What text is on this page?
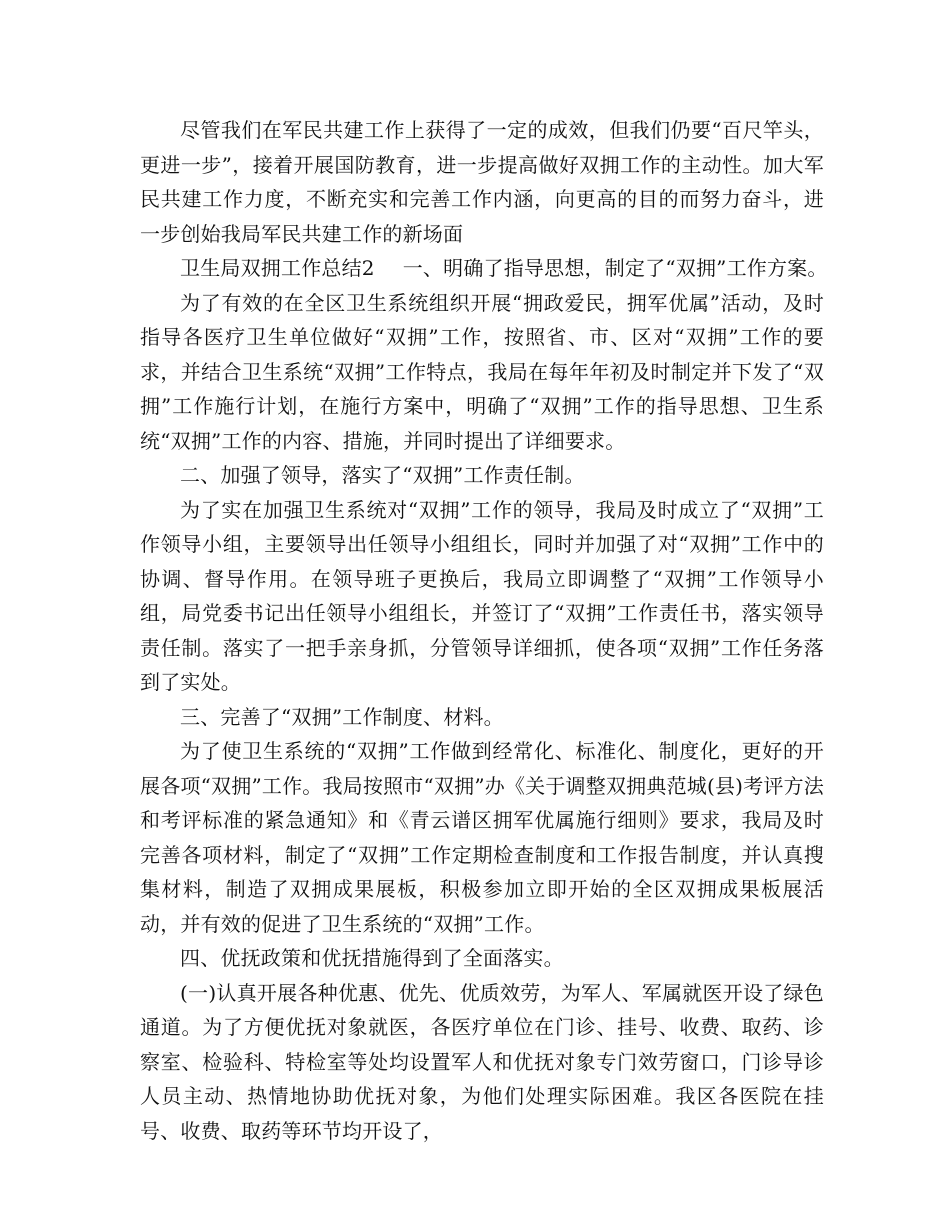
尽管我们在军民共建工作上获得了一定的成效，但我们仍要“百尺竿头，更进一步”，接着开展国防教育，进一步提高做好双拥工作的主动性。加大军民共建工作力度，不断充实和完善工作内涵，向更高的目的而努力奋斗，进一步创始我局军民共建工作的新场面

卫生局双拥工作总结2 一、明确了指导思想，制定了“双拥”工作方案。

为了有效的在全区卫生系统组织开展“拥政爱民，拥军优属”活动，及时指导各医疗卫生单位做好“双拥”工作，按照省、市、区对“双拥”工作的要求，并结合卫生系统“双拥”工作特点，我局在每年年初及时制定并下发了“双拥”工作施行计划，在施行方案中，明确了“双拥”工作的指导思想、卫生系统“双拥”工作的内容、措施，并同时提出了详细要求。

二、加强了领导，落实了“双拥”工作责任制。

为了实在加强卫生系统对“双拥”工作的领导，我局及时成立了“双拥”工作领导小组，主要领导出任领导小组组长，同时并加强了对“双拥”工作中的协调、督导作用。在领导班子更换后，我局立即调整了“双拥”工作领导小组，局党委书记出任领导小组组长，并签订了“双拥”工作责任书，落实领导责任制。落实了一把手亲身抓，分管领导详细抓，使各项“双拥”工作任务落到了实处。

三、完善了“双拥”工作制度、材料。

为了使卫生系统的“双拥”工作做到经常化、标准化、制度化，更好的开展各项“双拥”工作。我局按照市“双拥”办《关于调整双拥典范城(县)考评方法和考评标准的紧急通知》和《青云谱区拥军优属施行细则》要求，我局及时完善各项材料，制定了“双拥”工作定期检查制度和工作报告制度，并认真搜集材料，制造了双拥成果展板，积极参加立即开始的全区双拥成果板展活动，并有效的促进了卫生系统的“双拥”工作。

四、优抚政策和优抚措施得到了全面落实。

(一)认真开展各种优惠、优先、优质效劳，为军人、军属就医开设了绿色通道。为了方便优抚对象就医，各医疗单位在门诊、挂号、收费、取药、诊察室、检验科、特检室等处均设置军人和优抚对象专门效劳窗口，门诊导诊人员主动、热情地协助优抚对象，为他们处理实际困难。我区各医院在挂号、收费、取药等环节均开设了，
